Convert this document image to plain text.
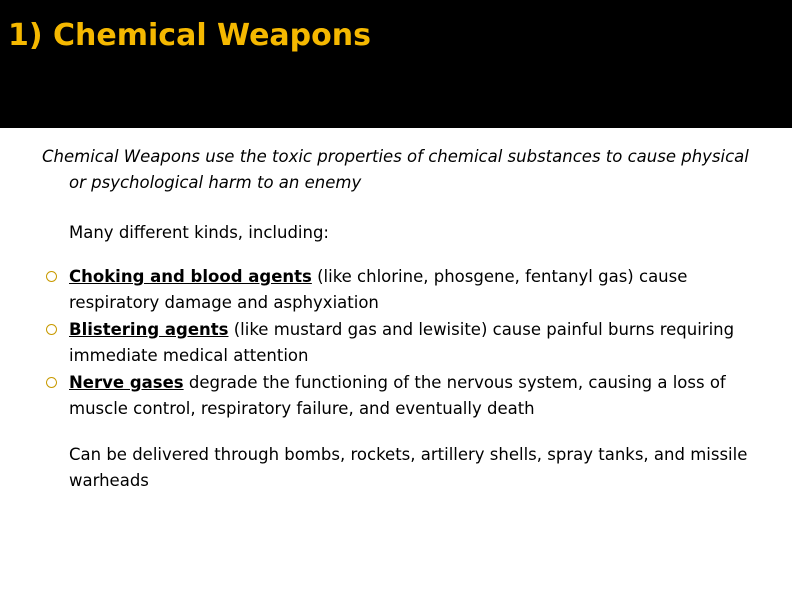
1) Chemical Weapons
Chemical Weapons use the toxic properties of chemical substances to cause physical
or psychological harm to an enemy
Many different kinds, including:
Choking and blood agents (like chlorine, phosgene, fentanyl gas) cause respiratory damage and asphyxiation
Blistering agents (like mustard gas and lewisite) cause painful burns requiring immediate medical attention
Nerve gases degrade the functioning of the nervous system, causing a loss of muscle control, respiratory failure, and eventually death
Can be delivered through bombs, rockets, artillery shells, spray tanks, and missile warheads
